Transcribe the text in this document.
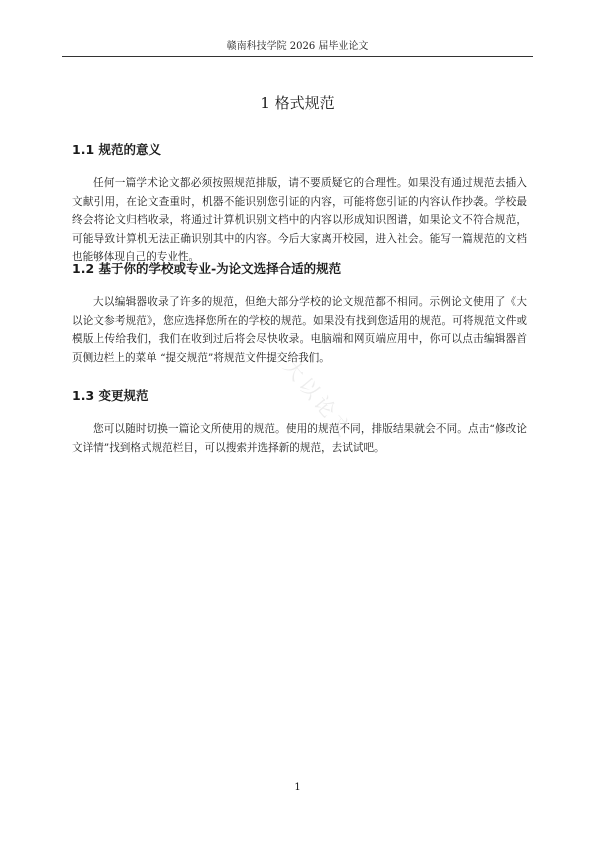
赣南科技学院 2026 届毕业论文
1 格式规范
1.1 规范的意义

任何一篇学术论文都必须按照规范排版，请不要质疑它的合理性。如果没有通过规范去插入文献引用，在论文查重时，机器不能识别您引证的内容，可能将您引证的内容认作抄袭。学校最终会将论文归档收录，将通过计算机识别文档中的内容以形成知识图谱，如果论文不符合规范，可能导致计算机无法正确识别其中的内容。今后大家离开校园，进入社会。能写一篇规范的文档也能够体现自己的专业性。

1.2 基于你的学校或专业-为论文选择合适的规范

大以编辑器收录了许多的规范，但绝大部分学校的论文规范都不相同。示例论文使用了《大以论文参考规范》，您应选择您所在的学校的规范。如果没有找到您适用的规范。可将规范文件或模版上传给我们，我们在收到过后将会尽快收录。电脑端和网页端应用中，你可以点击编辑器首页侧边栏上的菜单 “提交规范”将规范文件提交给我们。

1.3 变更规范

您可以随时切换一篇论文所使用的规范。使用的规范不同，排版结果就会不同。点击“修改论文详情”找到格式规范栏目，可以搜索并选择新的规范，去试试吧。

大以论文
1
